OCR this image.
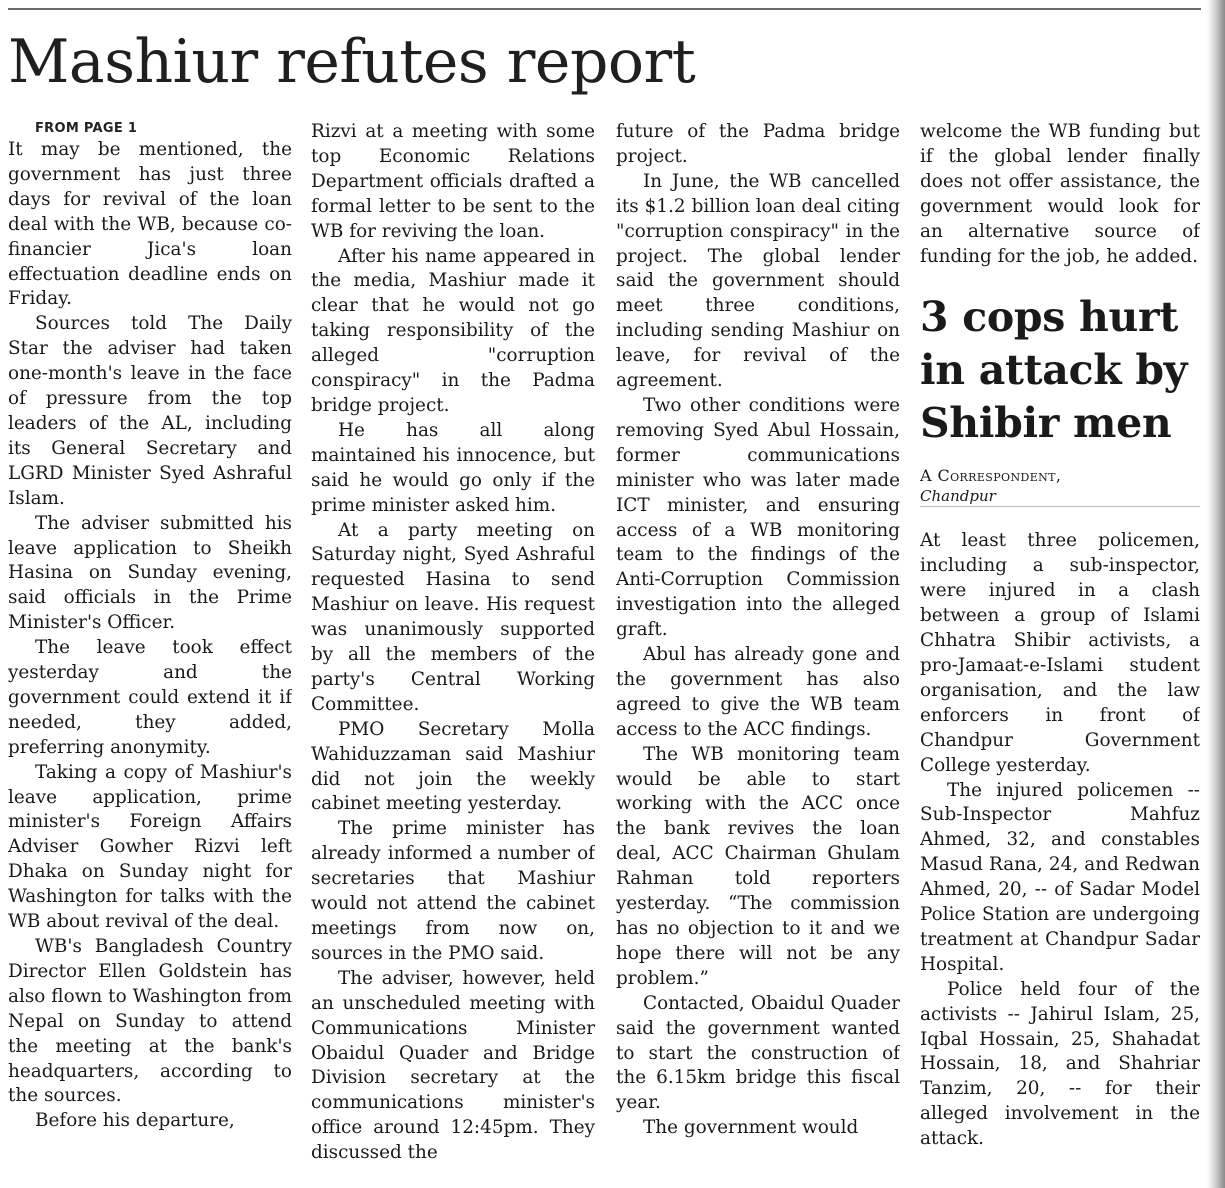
Mashiur refutes report

FROM PAGE 1

It may be mentioned, the government has just three days for revival of the loan deal with the WB, because co-financier Jica's loan effectuation deadline ends on Friday.

Sources told The Daily Star the adviser had taken one-month's leave in the face of pressure from the top leaders of the AL, including its General Secretary and LGRD Minister Syed Ashraful Islam.

The adviser submitted his leave application to Sheikh Hasina on Sunday evening, said officials in the Prime Minister's Officer.

The leave took effect yesterday and the government could extend it if needed, they added, preferring anonymity.

Taking a copy of Mashiur's leave application, prime minister's Foreign Affairs Adviser Gowher Rizvi left Dhaka on Sunday night for Washington for talks with the WB about revival of the deal.

WB's Bangladesh Country Director Ellen Goldstein has also flown to Washington from Nepal on Sunday to attend the meeting at the bank's headquarters, according to the sources.

Before his departure,

Rizvi at a meeting with some top Economic Relations Department officials drafted a formal letter to be sent to the WB for reviving the loan.

After his name appeared in the media, Mashiur made it clear that he would not go taking responsibility of the alleged "corruption conspiracy" in the Padma bridge project.

He has all along maintained his innocence, but said he would go only if the prime minister asked him.

At a party meeting on Saturday night, Syed Ashraful requested Hasina to send Mashiur on leave. His request was unanimously supported by all the members of the party's Central Working Committee.

PMO Secretary Molla Wahiduzzaman said Mashiur did not join the weekly cabinet meeting yesterday.

The prime minister has already informed a number of secretaries that Mashiur would not attend the cabinet meetings from now on, sources in the PMO said.

The adviser, however, held an unscheduled meeting with Communications Minister Obaidul Quader and Bridge Division secretary at the communications minister's office around 12:45pm. They discussed the

future of the Padma bridge project.

In June, the WB cancelled its $1.2 billion loan deal citing "corruption conspiracy" in the project. The global lender said the government should meet three conditions, including sending Mashiur on leave, for revival of the agreement.

Two other conditions were removing Syed Abul Hossain, former communications minister who was later made ICT minister, and ensuring access of a WB monitoring team to the findings of the Anti-Corruption Commission investigation into the alleged graft.

Abul has already gone and the government has also agreed to give the WB team access to the ACC findings.

The WB monitoring team would be able to start working with the ACC once the bank revives the loan deal, ACC Chairman Ghulam Rahman told reporters yesterday. “The commission has no objection to it and we hope there will not be any problem.”

Contacted, Obaidul Quader said the government wanted to start the construction of the 6.15km bridge this fiscal year.

The government would

welcome the WB funding but if the global lender finally does not offer assistance, the government would look for an alternative source of funding for the job, he added.

3 cops hurt in attack by Shibir men

A Correspondent,

Chandpur

At least three policemen, including a sub-inspector, were injured in a clash between a group of Islami Chhatra Shibir activists, a pro-Jamaat-e-Islami student organisation, and the law enforcers in front of Chandpur Government College yesterday.

The injured policemen -- Sub-Inspector Mahfuz Ahmed, 32, and constables Masud Rana, 24, and Redwan Ahmed, 20, -- of Sadar Model Police Station are undergoing treatment at Chandpur Sadar Hospital.

Police held four of the activists -- Jahirul Islam, 25, Iqbal Hossain, 25, Shahadat Hossain, 18, and Shahriar Tanzim, 20, -- for their alleged involvement in the attack.
